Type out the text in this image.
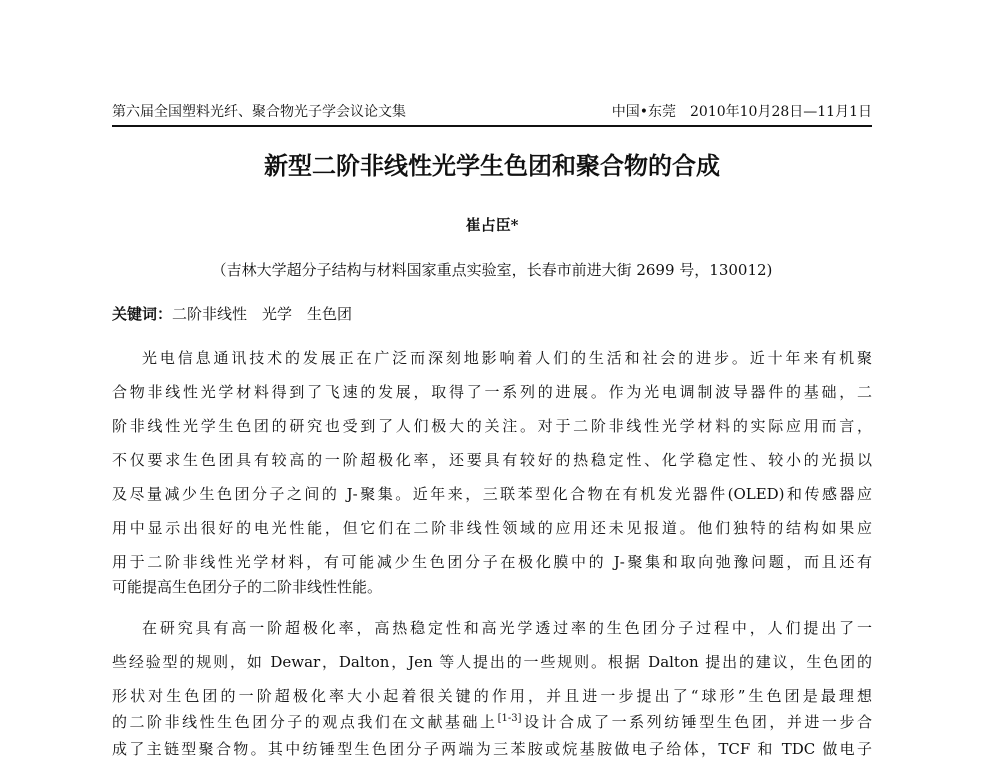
第六届全国塑料光纤、聚合物光子学会议论文集	中国•东莞　2010年10月28日—11月1日
新型二阶非线性光学生色团和聚合物的合成
崔占臣*
（吉林大学超分子结构与材料国家重点实验室，长春市前进大街 2699 号，130012)
关键词：二阶非线性　光学　生色团
光电信息通讯技术的发展正在广泛而深刻地影响着人们的生活和社会的进步。近十年来有机聚
合物非线性光学材料得到了飞速的发展，取得了一系列的进展。作为光电调制波导器件的基础，二
阶非线性光学生色团的研究也受到了人们极大的关注。对于二阶非线性光学材料的实际应用而言，
不仅要求生色团具有较高的一阶超极化率，还要具有较好的热稳定性、化学稳定性、较小的光损以
及尽量减少生色团分子之间的 J-聚集。近年来，三联苯型化合物在有机发光器件(OLED)和传感器应
用中显示出很好的电光性能，但它们在二阶非线性领域的应用还未见报道。他们独特的结构如果应
用于二阶非线性光学材料，有可能减少生色团分子在极化膜中的 J-聚集和取向弛豫问题，而且还有
可能提高生色团分子的二阶非线性性能。
在研究具有高一阶超极化率，高热稳定性和高光学透过率的生色团分子过程中，人们提出了一
些经验型的规则，如 Dewar，Dalton，Jen 等人提出的一些规则。根据 Dalton 提出的建议，生色团的
形状对生色团的一阶超极化率大小起着很关键的作用，并且进一步提出了“球形”生色团是最理想
的二阶非线性生色团分子的观点我们在文献基础上[1-3]设计合成了一系列纺锤型生色团，并进一步合
成了主链型聚合物。其中纺锤型生色团分子两端为三苯胺或烷基胺做电子给体，TCF 和 TDC 做电子
